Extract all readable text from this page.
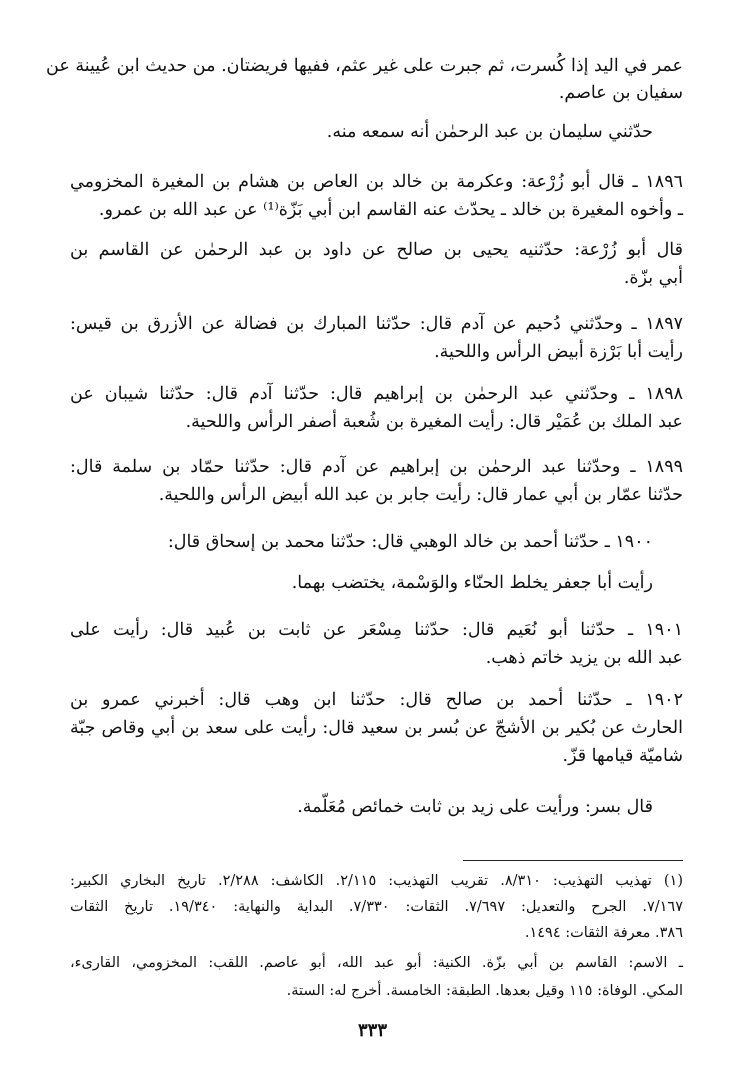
عمر في اليد إذا كُسرت، ثم جبرت على غير عثم، ففيها فريضتان. من حديث ابن عُيينة عن
سفيان بن عاصم.
حدّثني سليمان بن عبد الرحمٰن أنه سمعه منه.
١٨٩٦ ـ قال أبو زُرْعة: وعكرمة بن خالد بن العاص بن هشام بن المغيرة المخزومي
ـ وأخوه المغيرة بن خالد ـ يحدّث عنه القاسم ابن أبي بَزّة⁽¹⁾ عن عبد الله بن عمرو.
قال أبو زُرْعة: حدّثنيه يحيى بن صالح عن داود بن عبد الرحمٰن عن القاسم بن
أبي بزّة.
١٨٩٧ ـ وحدّثني دُحيم عن آدم قال: حدّثنا المبارك بن فضالة عن الأزرق بن قيس:
رأيت أبا بَرْزة أبيض الرأس واللحية.
١٨٩٨ ـ وحدّثني عبد الرحمٰن بن إبراهيم قال: حدّثنا آدم قال: حدّثنا شيبان عن
عبد الملك بن عُمَيْر قال: رأيت المغيرة بن شُعبة أصفر الرأس واللحية.
١٨٩٩ ـ وحدّثنا عبد الرحمٰن بن إبراهيم عن آدم قال: حدّثنا حمّاد بن سلمة قال:
حدّثنا عمّار بن أبي عمار قال: رأيت جابر بن عبد الله أبيض الرأس واللحية.
١٩٠٠ ـ حدّثنا أحمد بن خالد الوهبي قال: حدّثنا محمد بن إسحاق قال:
رأيت أبا جعفر يخلط الحنّاء والوَسْمة، يختضب بهما.
١٩٠١ ـ حدّثنا أبو نُعَيم قال: حدّثنا مِسْعَر عن ثابت بن عُبيد قال: رأيت على
عبد الله بن يزيد خاتم ذهب.
١٩٠٢ ـ حدّثنا أحمد بن صالح قال: حدّثنا ابن وهب قال: أخبرني عمرو بن
الحارث عن بُكير بن الأشجّ عن بُسر بن سعيد قال: رأيت على سعد بن أبي وقاص جبّة
شاميّة قيامها قزّ.
قال بسر: ورأيت على زيد بن ثابت خمائص مُعَلّمة.
(١) تهذيب التهذيب: ٨/٣١٠. تقريب التهذيب: ٢/١١٥. الكاشف: ٢/٢٨٨. تاريخ البخاري الكبير:
٧/١٦٧. الجرح والتعديل: ٧/٦٩٧. الثقات: ٧/٣٣٠. البداية والنهاية: ١٩/٣٤٠. تاريخ الثقات
٣٨٦. معرفة الثقات: ١٤٩٤.
ـ الاسم: القاسم بن أبي بزّة. الكنية: أبو عبد الله، أبو عاصم. اللقب: المخزومي، القارىء،
المكي. الوفاة: ١١٥ وقيل بعدها. الطبقة: الخامسة. أخرج له: الستة.
٣٣٣
